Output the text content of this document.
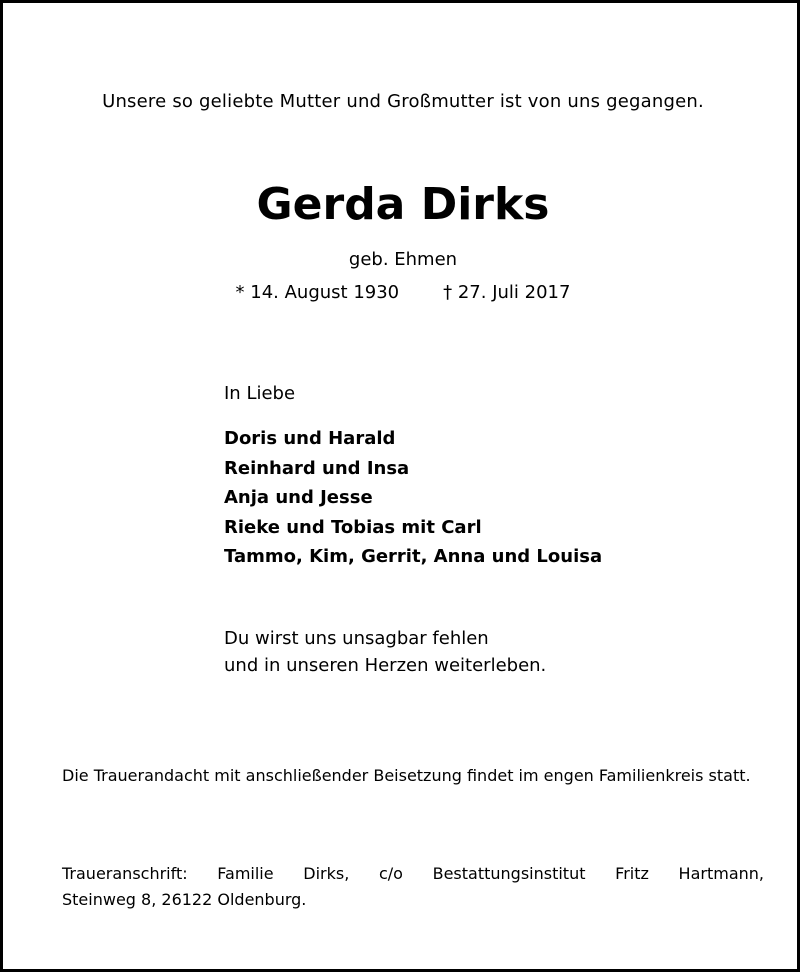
Unsere so geliebte Mutter und Großmutter ist von uns gegangen.
Gerda Dirks
geb. Ehmen
* 14. August 1930 † 27. Juli 2017
In Liebe
Doris und Harald
Reinhard und Insa
Anja und Jesse
Rieke und Tobias mit Carl
Tammo, Kim, Gerrit, Anna und Louisa
Du wirst uns unsagbar fehlen
und in unseren Herzen weiterleben.
Die Trauerandacht mit anschließender Beisetzung findet im engen Familienkreis statt.
Traueranschrift: Familie Dirks, c/o Bestattungsinstitut Fritz Hartmann,
Steinweg 8, 26122 Oldenburg.
